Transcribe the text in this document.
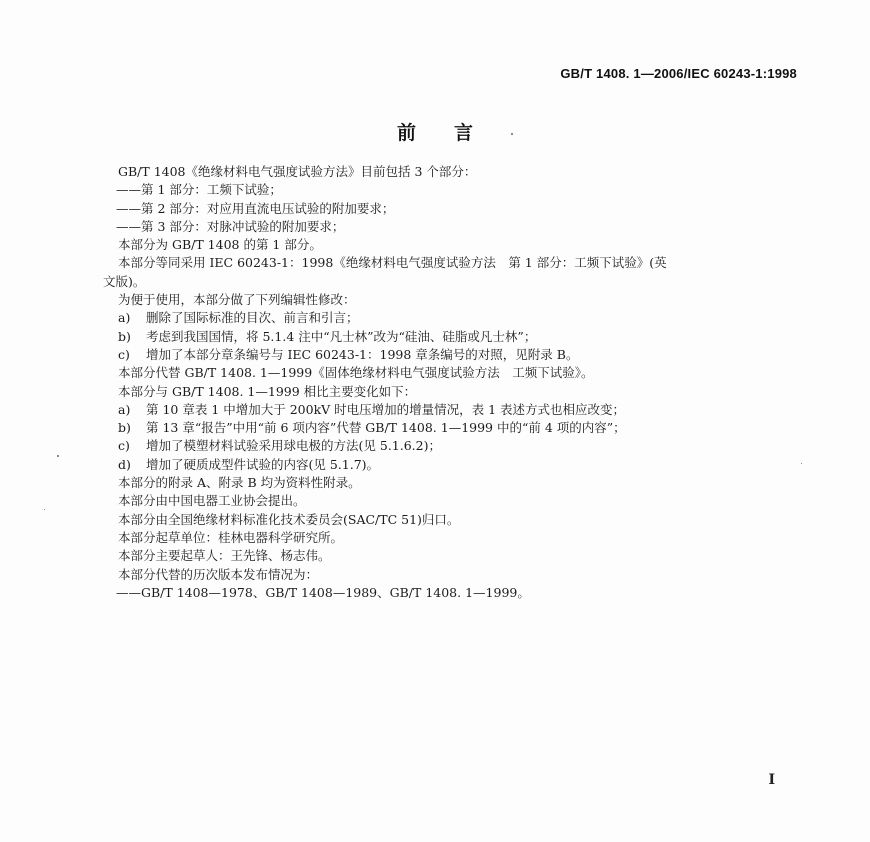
GB/T 1408. 1—2006/IEC 60243-1:1998
前言
GB/T 1408《绝缘材料电气强度试验方法》目前包括 3 个部分：
——第 1 部分：工频下试验；
——第 2 部分：对应用直流电压试验的附加要求；
——第 3 部分：对脉冲试验的附加要求；
本部分为 GB/T 1408 的第 1 部分。
本部分等同采用 IEC 60243-1：1998《绝缘材料电气强度试验方法　第 1 部分：工频下试验》(英
文版)。
为便于使用，本部分做了下列编辑性修改：
a) 删除了国际标准的目次、前言和引言；
b) 考虑到我国国情，将 5.1.4 注中“凡士林”改为“硅油、硅脂或凡士林”；
c) 增加了本部分章条编号与 IEC 60243-1：1998 章条编号的对照，见附录 B。
本部分代替 GB/T 1408. 1—1999《固体绝缘材料电气强度试验方法　工频下试验》。
本部分与 GB/T 1408. 1—1999 相比主要变化如下：
a) 第 10 章表 1 中增加大于 200kV 时电压增加的增量情况，表 1 表述方式也相应改变；
b) 第 13 章“报告”中用“前 6 项内容”代替 GB/T 1408. 1—1999 中的“前 4 项的内容”；
c) 增加了模塑材料试验采用球电极的方法(见 5.1.6.2)；
d) 增加了硬质成型件试验的内容(见 5.1.7)。
本部分的附录 A、附录 B 均为资料性附录。
本部分由中国电器工业协会提出。
本部分由全国绝缘材料标准化技术委员会(SAC/TC 51)归口。
本部分起草单位：桂林电器科学研究所。
本部分主要起草人：王先锋、杨志伟。
本部分代替的历次版本发布情况为：
——GB/T 1408—1978、GB/T 1408—1989、GB/T 1408. 1—1999。
I
